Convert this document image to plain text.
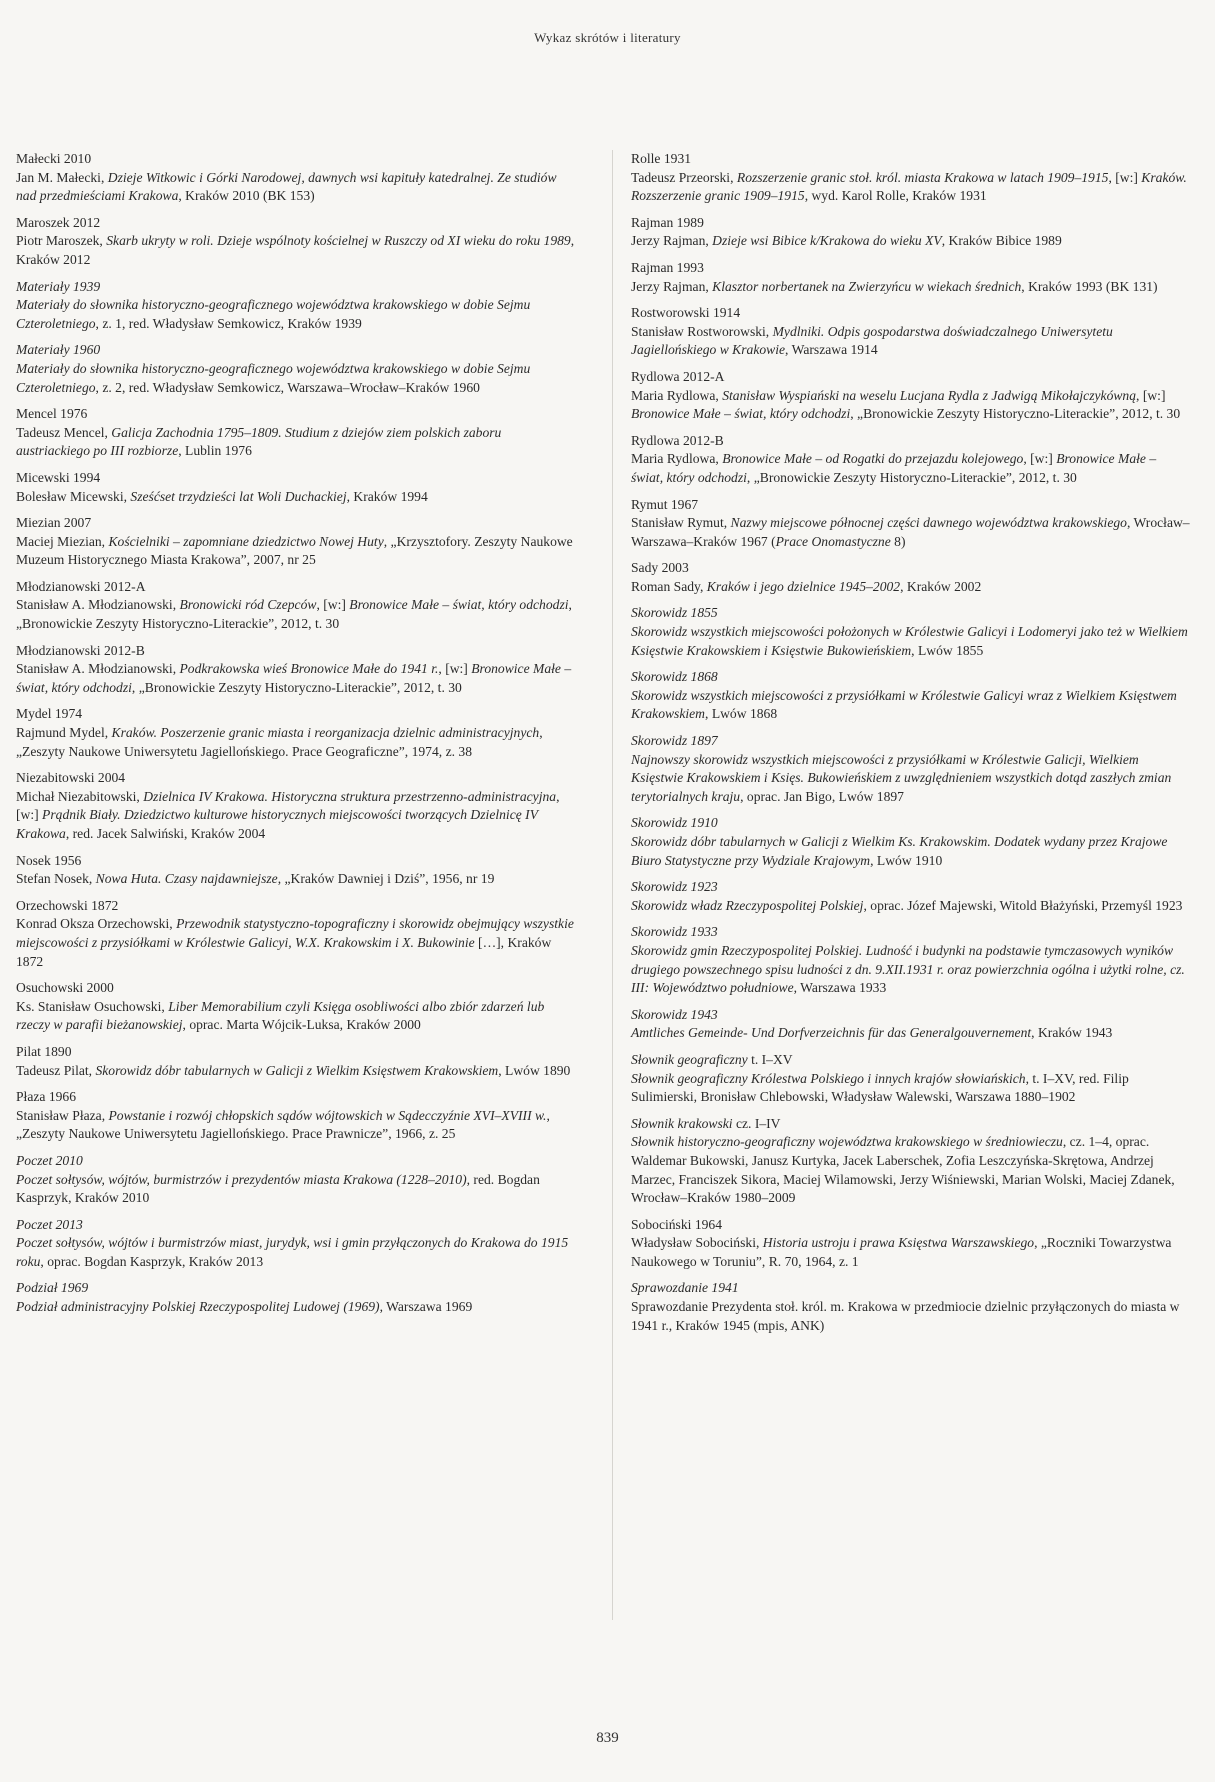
Wykaz skrótów i literatury
Małecki 2010
Jan M. Małecki, Dzieje Witkowic i Górki Narodowej, dawnych wsi kapituły katedralnej. Ze studiów nad przedmieściami Krakowa, Kraków 2010 (BK 153)
Maroszek 2012
Piotr Maroszek, Skarb ukryty w roli. Dzieje wspólnoty kościelnej w Ruszczy od XI wieku do roku 1989, Kraków 2012
Materiały 1939
Materiały do słownika historyczno-geograficznego województwa krakowskiego w dobie Sejmu Czteroletniego, z. 1, red. Władysław Semkowicz, Kraków 1939
Materiały 1960
Materiały do słownika historyczno-geograficznego województwa krakowskiego w dobie Sejmu Czteroletniego, z. 2, red. Władysław Semkowicz, Warszawa–Wrocław–Kraków 1960
Mencel 1976
Tadeusz Mencel, Galicja Zachodnia 1795–1809. Studium z dziejów ziem polskich zaboru austriackiego po III rozbiorze, Lublin 1976
Micewski 1994
Bolesław Micewski, Sześćset trzydzieści lat Woli Duchackiej, Kraków 1994
Miezian 2007
Maciej Miezian, Kościelniki – zapomniane dziedzictwo Nowej Huty, „Krzysztofory. Zeszyty Naukowe Muzeum Historycznego Miasta Krakowa”, 2007, nr 25
Młodzianowski 2012-A
Stanisław A. Młodzianowski, Bronowicki ród Czepców, [w:] Bronowice Małe – świat, który odchodzi, „Bronowickie Zeszyty Historyczno-Literackie”, 2012, t. 30
Młodzianowski 2012-B
Stanisław A. Młodzianowski, Podkrakowska wieś Bronowice Małe do 1941 r., [w:] Bronowice Małe – świat, który odchodzi, „Bronowickie Zeszyty Historyczno-Literackie”, 2012, t. 30
Mydel 1974
Rajmund Mydel, Kraków. Poszerzenie granic miasta i reorganizacja dzielnic administracyjnych, „Zeszyty Naukowe Uniwersytetu Jagiellońskiego. Prace Geograficzne”, 1974, z. 38
Niezabitowski 2004
Michał Niezabitowski, Dzielnica IV Krakowa. Historyczna struktura przestrzenno-administracyjna, [w:] Prądnik Biały. Dziedzictwo kulturowe historycznych miejscowości tworzących Dzielnicę IV Krakowa, red. Jacek Salwiński, Kraków 2004
Nosek 1956
Stefan Nosek, Nowa Huta. Czasy najdawniejsze, „Kraków Dawniej i Dziś”, 1956, nr 19
Orzechowski 1872
Konrad Oksza Orzechowski, Przewodnik statystyczno-topograficzny i skorowidz obejmujący wszystkie miejscowości z przysiółkami w Królestwie Galicyi, W.X. Krakowskim i X. Bukowinie […], Kraków 1872
Osuchowski 2000
Ks. Stanisław Osuchowski, Liber Memorabilium czyli Księga osobliwości albo zbiór zdarzeń lub rzeczy w parafii bieżanowskiej, oprac. Marta Wójcik-Luksa, Kraków 2000
Pilat 1890
Tadeusz Pilat, Skorowidz dóbr tabularnych w Galicji z Wielkim Księstwem Krakowskiem, Lwów 1890
Płaza 1966
Stanisław Płaza, Powstanie i rozwój chłopskich sądów wójtowskich w Sądecczyźnie XVI–XVIII w., „Zeszyty Naukowe Uniwersytetu Jagiellońskiego. Prace Prawnicze”, 1966, z. 25
Poczet 2010
Poczet sołtysów, wójtów, burmistrzów i prezydentów miasta Krakowa (1228–2010), red. Bogdan Kasprzyk, Kraków 2010
Poczet 2013
Poczet sołtysów, wójtów i burmistrzów miast, jurydyk, wsi i gmin przyłączonych do Krakowa do 1915 roku, oprac. Bogdan Kasprzyk, Kraków 2013
Podział 1969
Podział administracyjny Polskiej Rzeczypospolitej Ludowej (1969), Warszawa 1969
Rolle 1931
Tadeusz Przeorski, Rozszerzenie granic stoł. król. miasta Krakowa w latach 1909–1915, [w:] Kraków. Rozszerzenie granic 1909–1915, wyd. Karol Rolle, Kraków 1931
Rajman 1989
Jerzy Rajman, Dzieje wsi Bibice k/Krakowa do wieku XV, Kraków Bibice 1989
Rajman 1993
Jerzy Rajman, Klasztor norbertanek na Zwierzyńcu w wiekach średnich, Kraków 1993 (BK 131)
Rostworowski 1914
Stanisław Rostworowski, Mydlniki. Odpis gospodarstwa doświadczalnego Uniwersytetu Jagiellońskiego w Krakowie, Warszawa 1914
Rydlowa 2012-A
Maria Rydlowa, Stanisław Wyspiański na weselu Lucjana Rydla z Jadwigą Mikołajczykówną, [w:] Bronowice Małe – świat, który odchodzi, „Bronowickie Zeszyty Historyczno-Literackie”, 2012, t. 30
Rydlowa 2012-B
Maria Rydlowa, Bronowice Małe – od Rogatki do przejazdu kolejowego, [w:] Bronowice Małe – świat, który odchodzi, „Bronowickie Zeszyty Historyczno-Literackie”, 2012, t. 30
Rymut 1967
Stanisław Rymut, Nazwy miejscowe północnej części dawnego województwa krakowskiego, Wrocław–Warszawa–Kraków 1967 (Prace Onomastyczne 8)
Sady 2003
Roman Sady, Kraków i jego dzielnice 1945–2002, Kraków 2002
Skorowidz 1855
Skorowidz wszystkich miejscowości położonych w Królestwie Galicyi i Lodomeryi jako też w Wielkiem Księstwie Krakowskiem i Księstwie Bukowieńskiem, Lwów 1855
Skorowidz 1868
Skorowidz wszystkich miejscowości z przysiółkami w Królestwie Galicyi wraz z Wielkiem Księstwem Krakowskiem, Lwów 1868
Skorowidz 1897
Najnowszy skorowidz wszystkich miejscowości z przysiółkami w Królestwie Galicji, Wielkiem Księstwie Krakowskiem i Księs. Bukowieńskiem z uwzględnieniem wszystkich dotąd zaszłych zmian terytorialnych kraju, oprac. Jan Bigo, Lwów 1897
Skorowidz 1910
Skorowidz dóbr tabularnych w Galicji z Wielkim Ks. Krakowskim. Dodatek wydany przez Krajowe Biuro Statystyczne przy Wydziale Krajowym, Lwów 1910
Skorowidz 1923
Skorowidz władz Rzeczypospolitej Polskiej, oprac. Józef Majewski, Witold Błażyński, Przemyśl 1923
Skorowidz 1933
Skorowidz gmin Rzeczypospolitej Polskiej. Ludność i budynki na podstawie tymczasowych wyników drugiego powszechnego spisu ludności z dn. 9.XII.1931 r. oraz powierzchnia ogólna i użytki rolne, cz. III: Województwo południowe, Warszawa 1933
Skorowidz 1943
Amtliches Gemeinde- Und Dorfverzeichnis für das Generalgouvernement, Kraków 1943
Słownik geograficzny t. I–XV
Słownik geograficzny Królestwa Polskiego i innych krajów słowiańskich, t. I–XV, red. Filip Sulimierski, Bronisław Chlebowski, Władysław Walewski, Warszawa 1880–1902
Słownik krakowski cz. I–IV
Słownik historyczno-geograficzny województwa krakowskiego w średniowieczu, cz. 1–4, oprac. Waldemar Bukowski, Janusz Kurtyka, Jacek Laberschek, Zofia Leszczyńska-Skrętowa, Andrzej Marzec, Franciszek Sikora, Maciej Wilamowski, Jerzy Wiśniewski, Marian Wolski, Maciej Zdanek, Wrocław–Kraków 1980–2009
Sobociński 1964
Władysław Sobociński, Historia ustroju i prawa Księstwa Warszawskiego, „Roczniki Towarzystwa Naukowego w Toruniu”, R. 70, 1964, z. 1
Sprawozdanie 1941
Sprawozdanie Prezydenta stoł. król. m. Krakowa w przedmiocie dzielnic przyłączonych do miasta w 1941 r., Kraków 1945 (mpis, ANK)
839
